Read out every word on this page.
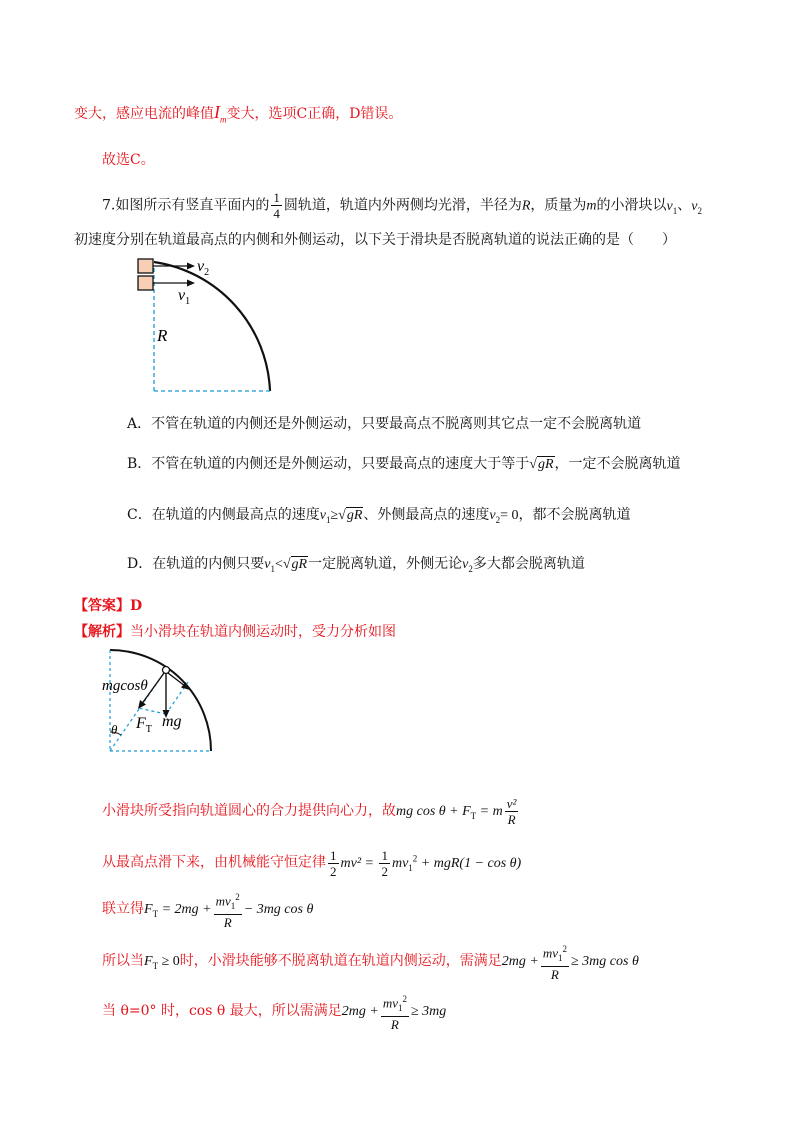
变大，感应电流的峰值$I_m$变大，选项C正确，D错误。
故选C。
7.如图所示有竖直平面内的 $\frac{1}{4}$ 圆轨道，轨道内外两侧均光滑，半径为R，质量为m的小滑块以$v_1$、$v_2$
初速度分别在轨道最高点的内侧和外侧运动，以下关于滑块是否脱离轨道的说法正确的是（　　）
$v_2$
$v_1$
R
A．不管在轨道的内侧还是外侧运动，只要最高点不脱离则其它点一定不会脱离轨道
B．不管在轨道的内侧还是外侧运动，只要最高点的速度大于等于√gR，一定不会脱离轨道
C．在轨道的内侧最高点的速度$v_1\ge√gR$、外侧最高点的速度$v_2= 0$，都不会脱离轨道
D．在轨道的内侧只要$v_1<√gR$一定脱离轨道，外侧无论$v_2$多大都会脱离轨道
【答案】D
【解析】当小滑块在轨道内侧运动时，受力分析如图
mgcosθ
θ $F_T$ mg
小滑块所受指向轨道圆心的合力提供向心力，故mg $\cos \theta + F_T = m \frac{\text{v²}}{R}$
从最高点滑下来，由机械能守恒定律 $\frac{1}{2} mv^2 = \frac{1}{2} mv_1^2 + mgR(1 - \cos \theta)$
联立得$F_T = 2mg + \frac{mv_1^2}{R} - 3mg$ cos θ
所以当$F_T \ge 0$时，小滑块能够不脱离轨道在轨道内侧运动，需满足$2mg + \frac{mv_1^2}{R} \ge 3mg$ cos θ
当 θ=0° 时，cos θ 最大，所以需满足$2mg + \frac{mv_1^2}{R} \ge 3mg$
